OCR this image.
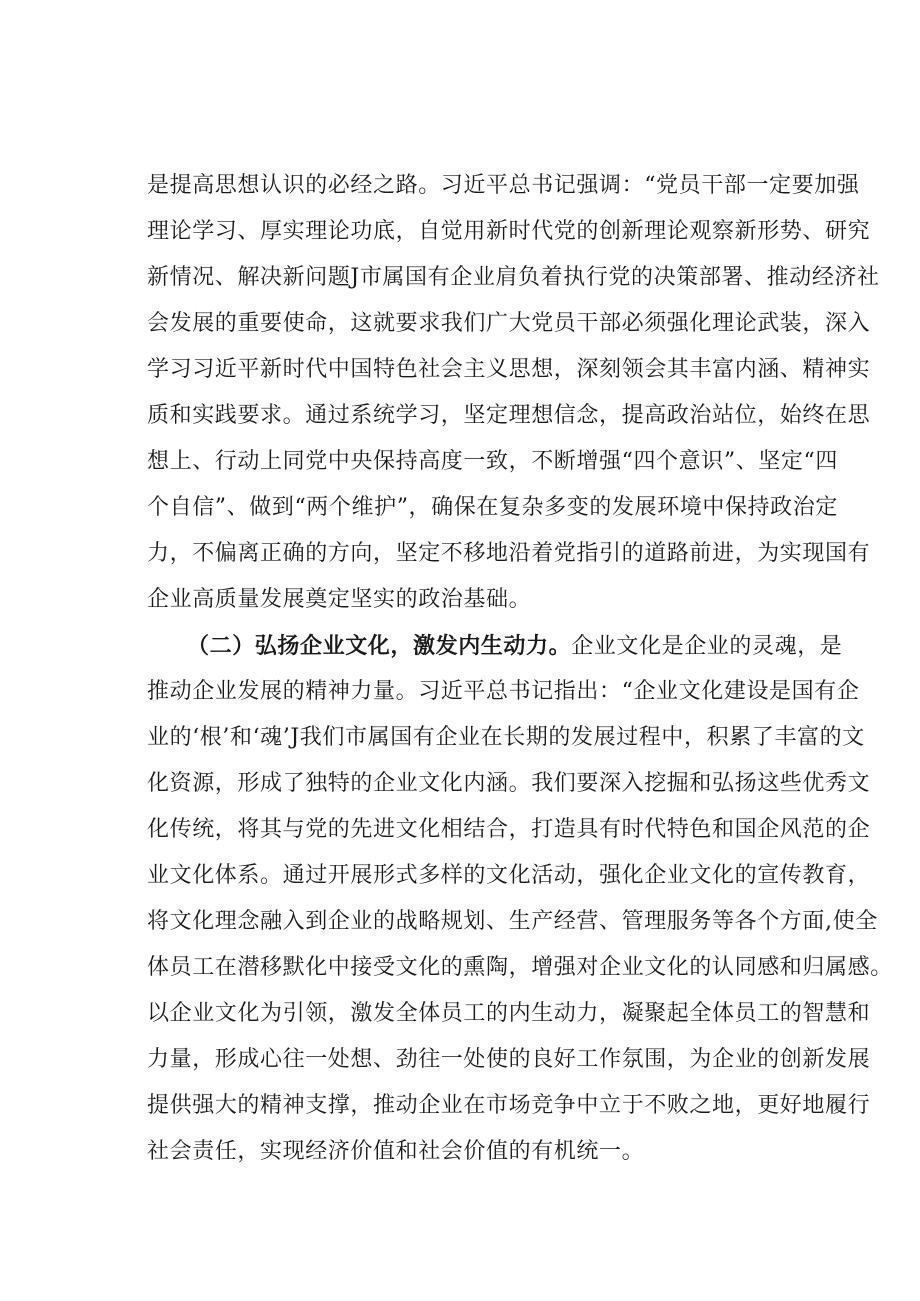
是提高思想认识的必经之路。习近平总书记强调：“党员干部一定要加强
理论学习、厚实理论功底，自觉用新时代党的创新理论观察新形势、研究
新情况、解决新问题J市属国有企业肩负着执行党的决策部署、推动经济社
会发展的重要使命，这就要求我们广大党员干部必须强化理论武装，深入
学习习近平新时代中国特色社会主义思想，深刻领会其丰富内涵、精神实
质和实践要求。通过系统学习，坚定理想信念，提高政治站位，始终在思
想上、行动上同党中央保持高度一致，不断增强“四个意识”、坚定“四
个自信”、做到“两个维护”，确保在复杂多变的发展环境中保持政治定
力，不偏离正确的方向，坚定不移地沿着党指引的道路前进，为实现国有
企业高质量发展奠定坚实的政治基础。
（二）弘扬企业文化，激发内生动力。企业文化是企业的灵魂，是
推动企业发展的精神力量。习近平总书记指出：“企业文化建设是国有企
业的‘根’和‘魂’J我们市属国有企业在长期的发展过程中，积累了丰富的文
化资源，形成了独特的企业文化内涵。我们要深入挖掘和弘扬这些优秀文
化传统，将其与党的先进文化相结合，打造具有时代特色和国企风范的企
业文化体系。通过开展形式多样的文化活动，强化企业文化的宣传教育，
将文化理念融入到企业的战略规划、生产经营、管理服务等各个方面,使全
体员工在潜移默化中接受文化的熏陶，增强对企业文化的认同感和归属感。
以企业文化为引领，激发全体员工的内生动力，凝聚起全体员工的智慧和
力量，形成心往一处想、劲往一处使的良好工作氛围，为企业的创新发展
提供强大的精神支撑，推动企业在市场竞争中立于不败之地，更好地履行
社会责任，实现经济价值和社会价值的有机统一。
